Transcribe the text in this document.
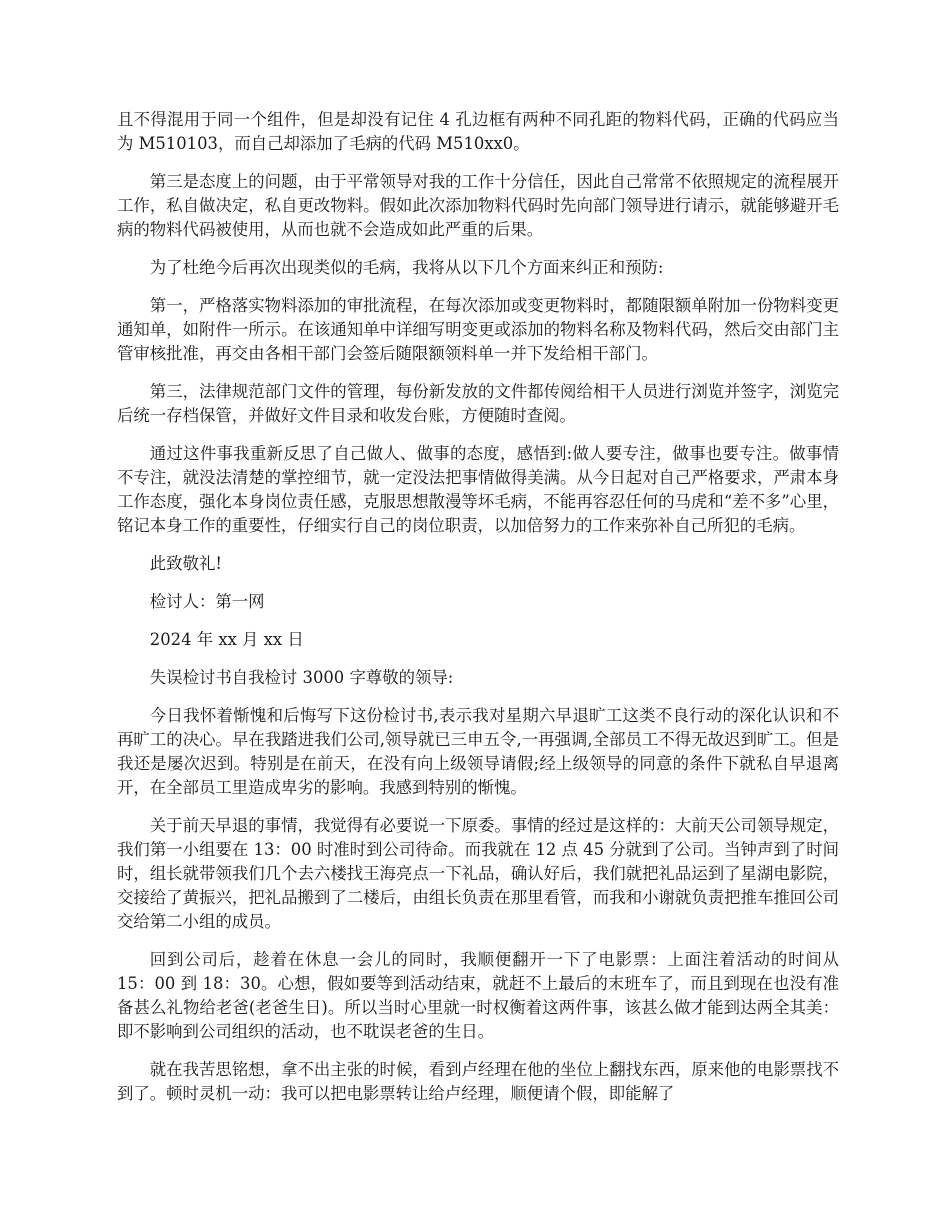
且不得混用于同一个组件，但是却没有记住 4 孔边框有两种不同孔距的物料代码，正确的代码应当为 M510103，而自己却添加了毛病的代码 M510xx0。

第三是态度上的问题，由于平常领导对我的工作十分信任，因此自己常常不依照规定的流程展开工作，私自做决定，私自更改物料。假如此次添加物料代码时先向部门领导进行请示，就能够避开毛病的物料代码被使用，从而也就不会造成如此严重的后果。

为了杜绝今后再次出现类似的毛病，我将从以下几个方面来纠正和预防:

第一，严格落实物料添加的审批流程，在每次添加或变更物料时，都随限额单附加一份物料变更通知单，如附件一所示。在该通知单中详细写明变更或添加的物料名称及物料代码，然后交由部门主管审核批准，再交由各相干部门会签后随限额领料单一并下发给相干部门。

第三，法律规范部门文件的管理，每份新发放的文件都传阅给相干人员进行浏览并签字，浏览完后统一存档保管，并做好文件目录和收发台账，方便随时查阅。

通过这件事我重新反思了自己做人、做事的态度，感悟到:做人要专注，做事也要专注。做事情不专注，就没法清楚的掌控细节，就一定没法把事情做得美满。从今日起对自己严格要求，严肃本身工作态度，强化本身岗位责任感，克服思想散漫等坏毛病，不能再容忍任何的马虎和“差不多”心里，铭记本身工作的重要性，仔细实行自己的岗位职责，以加倍努力的工作来弥补自己所犯的毛病。

此致敬礼!

检讨人：第一网

2024 年 xx 月 xx 日

失误检讨书自我检讨 3000 字尊敬的领导:

今日我怀着惭愧和后悔写下这份检讨书,表示我对星期六早退旷工这类不良行动的深化认识和不再旷工的决心。早在我踏进我们公司,领导就已三申五令,一再强调,全部员工不得无故迟到旷工。但是我还是屡次迟到。特别是在前天，在没有向上级领导请假;经上级领导的同意的条件下就私自早退离开，在全部员工里造成卑劣的影响。我感到特别的惭愧。

关于前天早退的事情，我觉得有必要说一下原委。事情的经过是这样的：大前天公司领导规定，我们第一小组要在 13：00 时准时到公司待命。而我就在 12 点 45 分就到了公司。当钟声到了时间时，组长就带领我们几个去六楼找王海亮点一下礼品，确认好后，我们就把礼品运到了星湖电影院，交接给了黄振兴，把礼品搬到了二楼后，由组长负责在那里看管，而我和小谢就负责把推车推回公司交给第二小组的成员。

回到公司后，趁着在休息一会儿的同时，我顺便翻开一下了电影票：上面注着活动的时间从 15：00 到 18：30。心想，假如要等到活动结束，就赶不上最后的末班车了，而且到现在也没有准备甚么礼物给老爸(老爸生日)。所以当时心里就一时权衡着这两件事，该甚么做才能到达两全其美：即不影响到公司组织的活动，也不耽误老爸的生日。

就在我苦思铭想，拿不出主张的时候，看到卢经理在他的坐位上翻找东西，原来他的电影票找不到了。顿时灵机一动：我可以把电影票转让给卢经理，顺便请个假，即能解了
